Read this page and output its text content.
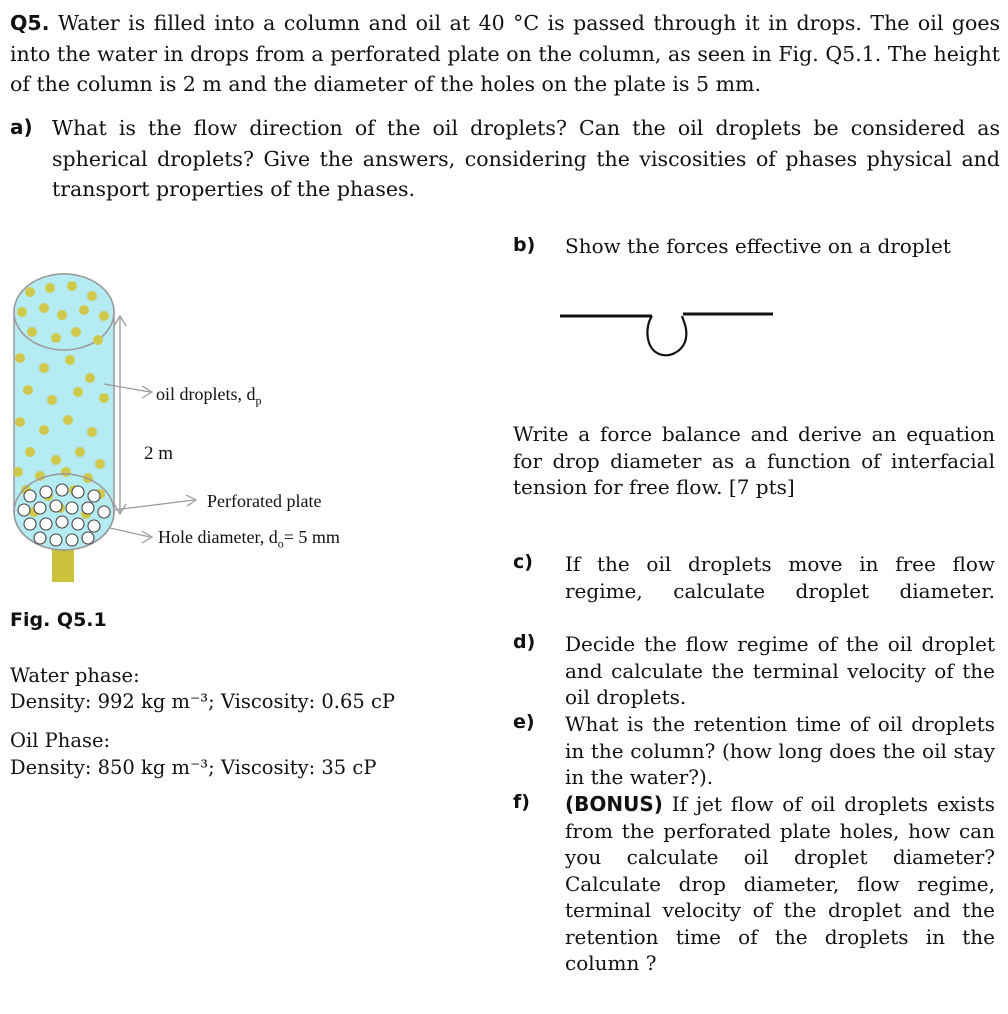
Q5. Water is filled into a column and oil at 40 °C is passed through it in drops. The oil goes into the water in drops from a perforated plate on the column, as seen in Fig. Q5.1. The height of the column is 2 m and the diameter of the holes on the plate is 5 mm.
a) What is the flow direction of the oil droplets? Can the oil droplets be considered as spherical droplets? Give the answers, considering the viscosities of phases physical and transport properties of the phases.
b) Show the forces effective on a droplet
Write a force balance and derive an equation for drop diameter as a function of interfacial tension for free flow. [7 pts]
c) If the oil droplets move in free flow regime, calculate droplet diameter.
d) Decide the flow regime of the oil droplet and calculate the terminal velocity of the oil droplets.
e) What is the retention time of oil droplets in the column? (how long does the oil stay in the water?).
f) (BONUS) If jet flow of oil droplets exists from the perforated plate holes, how can you calculate oil droplet diameter? Calculate drop diameter, flow regime, terminal velocity of the droplet and the retention time of the droplets in the column ?
oil droplets, $d_p$
2 m
Perforated plate
Hole diameter, $d_o= 5$ mm
Fig. Q5.1
Water phase:
Density: 992 kg m⁻³; Viscosity: 0.65 cP
Oil Phase:
Density: 850 kg m⁻³; Viscosity: 35 cP
